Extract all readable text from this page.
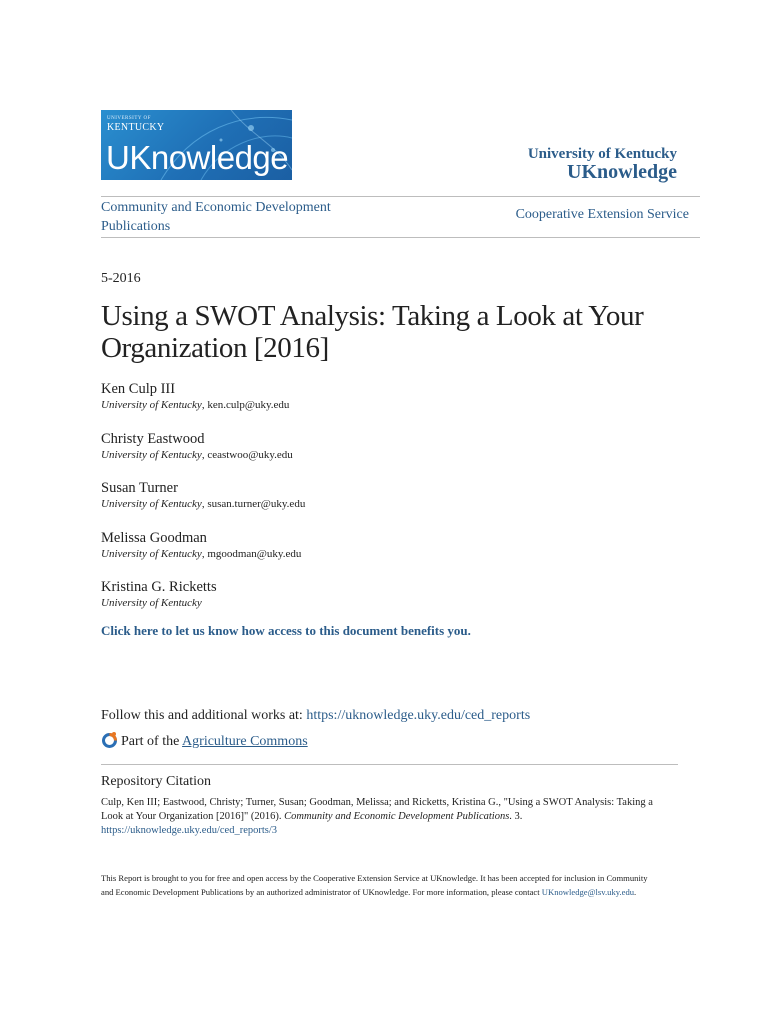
UNIVERSITY OF
KENTUCKY
UKnowledge	University of Kentucky
UKnowledge
Community and Economic Development Publications
Cooperative Extension Service
5-2016
Using a SWOT Analysis: Taking a Look at Your Organization [2016]
Ken Culp III
University of Kentucky, ken.culp@uky.edu
Christy Eastwood
University of Kentucky, ceastwoo@uky.edu
Susan Turner
University of Kentucky, susan.turner@uky.edu
Melissa Goodman
University of Kentucky, mgoodman@uky.edu
Kristina G. Ricketts
University of Kentucky
Click here to let us know how access to this document benefits you.
Follow this and additional works at: https://uknowledge.uky.edu/ced_reports
Part of the Agriculture Commons
Repository Citation
Culp, Ken III; Eastwood, Christy; Turner, Susan; Goodman, Melissa; and Ricketts, Kristina G., "Using a SWOT Analysis: Taking a Look at Your Organization [2016]" (2016). Community and Economic Development Publications. 3.
https://uknowledge.uky.edu/ced_reports/3
This Report is brought to you for free and open access by the Cooperative Extension Service at UKnowledge. It has been accepted for inclusion in Community and Economic Development Publications by an authorized administrator of UKnowledge. For more information, please contact UKnowledge@lsv.uky.edu.
